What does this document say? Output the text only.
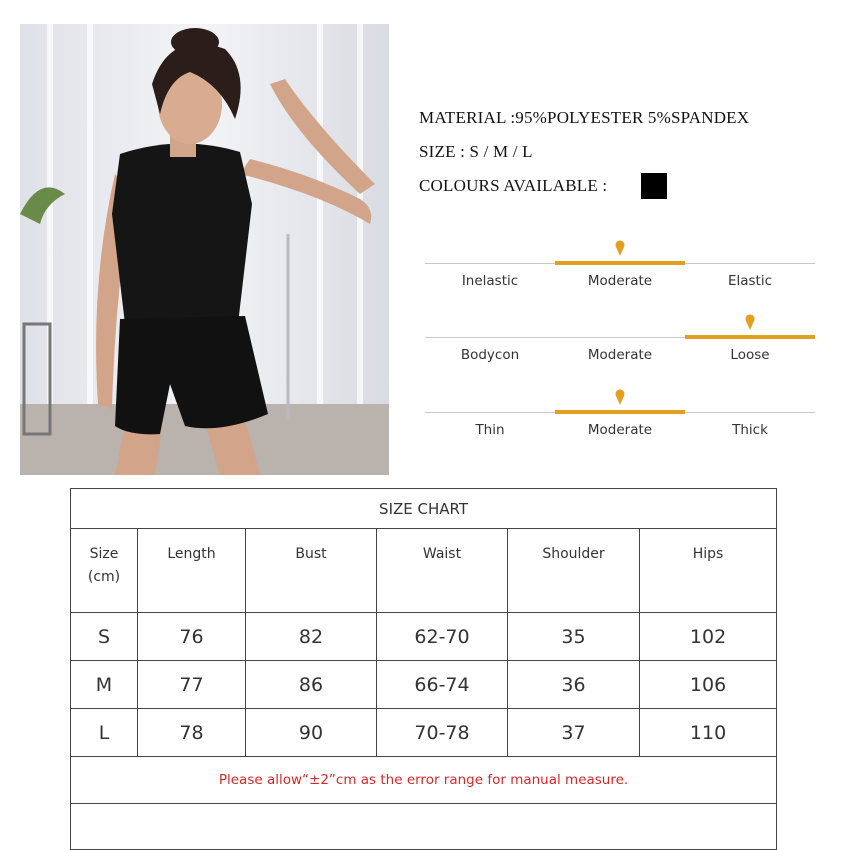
MATERIAL :95%POLYESTER 5%SPANDEX
SIZE : S / M / L
COLOURS AVAILABLE :
Inelastic	Moderate	Elastic
Bodycon	Moderate	Loose
Thin	Moderate	Thick
SIZE CHART					
Size
(cm)	Length	Bust	Waist	Shoulder	Hips
S	76	82	62-70	35	102
M	77	86	66-74	36	106
L	78	90	70-78	37	110
Please allow“±2”cm as the error range for manual measure.					
